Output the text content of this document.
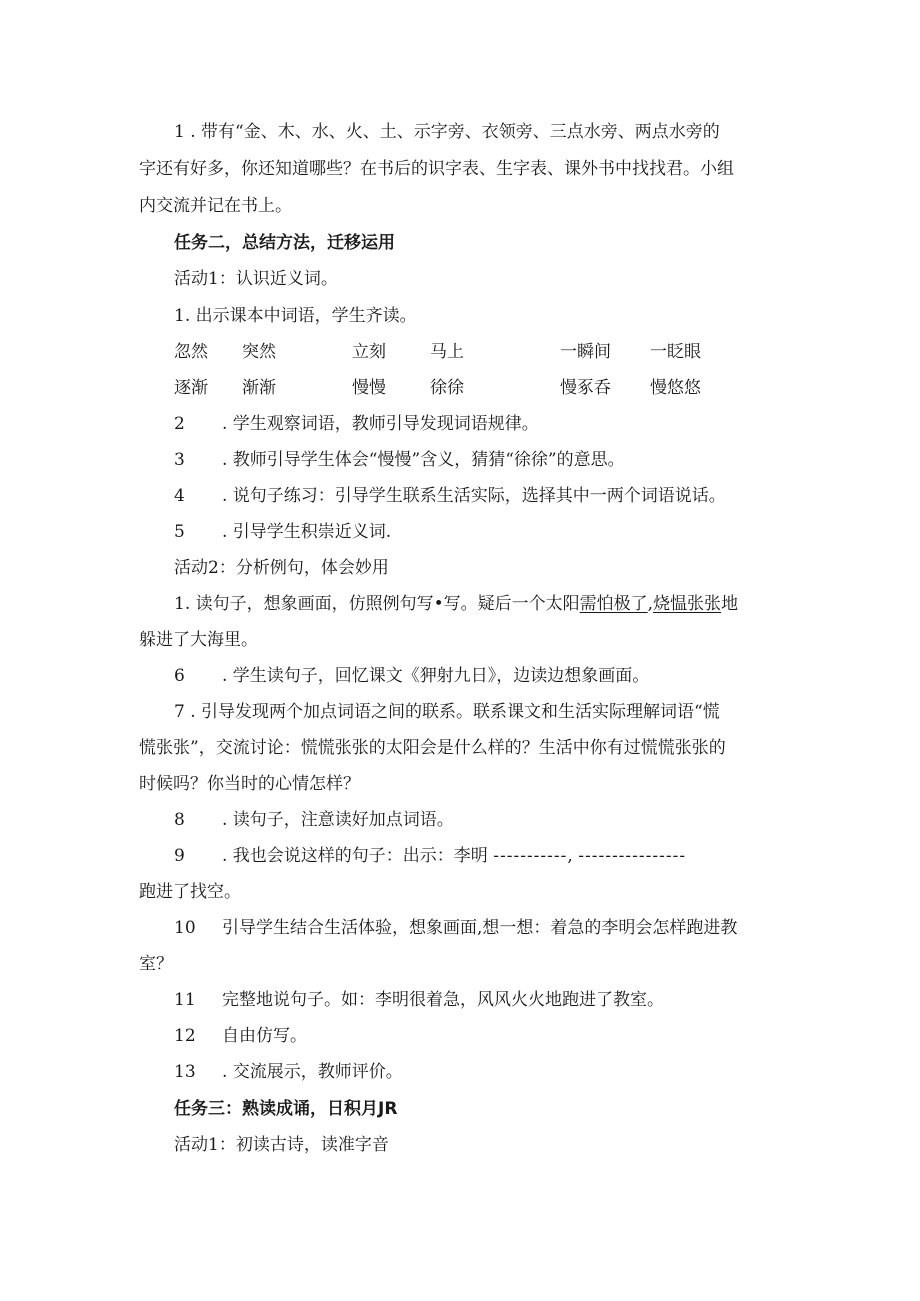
1 . 带有“金、木、水、火、土、示字旁、衣领旁、三点水旁、两点水旁的
字还有好多，你还知道哪些？在书后的识字表、生字表、课外书中找找君。小组
内交流并记在书上。
任务二，总结方法，迁移运用
活动1：认识近义词。
1. 出示课本中词语，学生齐读。
忽然 突然	立刻	马上	一瞬间 一眨眼
逐渐 渐渐	慢慢	徐徐	慢豖呑 慢悠悠
2 . 学生观察词语，教师引导发现词语规律。
3 . 教师引导学生体会“慢慢”含义，猜猜“徐徐”的意思。
4 . 说句子练习：引导学生联系生活实际，选择其中一两个词语说话。
5 . 引导学生积崇近义词.
活动2：分析例句，体会妙用
1. 读句子，想象画面，仿照例句写•写。疑后一个太阳需怕极了,烧愠张张地
躲进了大海里。
6 . 学生读句子，回忆课文《狎射九日》，边读边想象画面。
7 . 引导发现两个加点词语之间的联系。联系课文和生活实际理解词语“慌
慌张张”，交流讨论：慌慌张张的太阳会是什么样的？生活中你有过慌慌张张的
时候吗？你当时的心情怎样？
8 . 读句子，注意读好加点词语。
9 . 我也会说这样的句子：出示：李明 -----------, ----------------
跑进了找空。
10 引导学生结合生活体验，想象画面,想一想：着急的李明会怎样跑进教
室？
11 完整地说句子。如：李明很着急，风风火火地跑进了教室。
12 自由仿写。
13 . 交流展示，教师评价。
任务三：熟读成诵，日积月JR
活动1：初读古诗，读准字音
